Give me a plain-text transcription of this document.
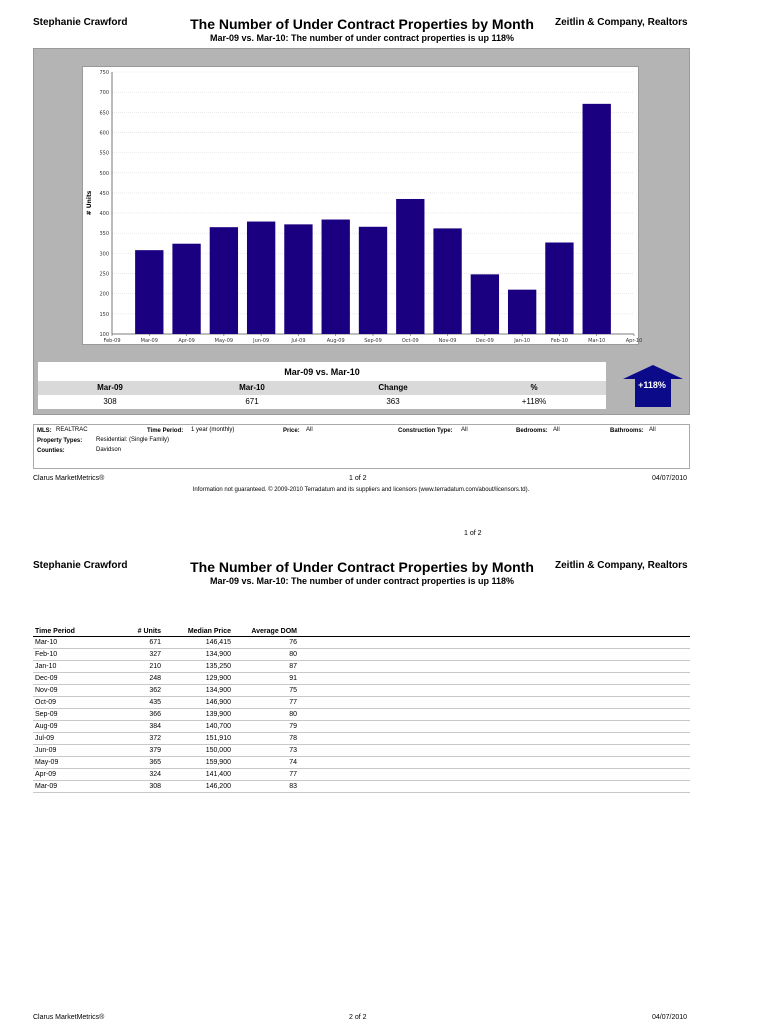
Stephanie Crawford	The Number of Under Contract Properties by Month
Mar-09 vs. Mar-10: The number of under contract properties is up 118%
Zeitlin & Company, Realtors
100
150
200
250
300
350
400
450
500
550
600
650
700
750
# Units
Feb-09	Mar-09	Apr-09	May-09	Jun-09	Jul-09	Aug-09	Sep-09	Oct-09	Nov-09	Dec-09	Jan-10	Feb-10	Mar-10	Apr-10
Mar-09 vs. Mar-10
Mar-09	Mar-10	Change	%
308	671	363	+118%
+118%
MLS: REALTRAC	Time Period: 1 year (monthly)	Price: All	Construction Type: All	Bedrooms: All	Bathrooms: All
Property Types: Residential: (Single Family)
Counties:	Davidson
Clarus MarketMetrics®	1 of 2	04/07/2010
Information not guaranteed. © 2009-2010 Terradatum and its suppliers and licensors (www.terradatum.com/about/licensors.td).
1 of 2
Stephanie Crawford	The Number of Under Contract Properties by Month
Mar-09 vs. Mar-10: The number of under contract properties is up 118%
Zeitlin & Company, Realtors
Time Period	# Units	Median Price	Average DOM	
Mar-10	671	146,415	76	
Feb-10	327	134,900	80	
Jan-10	210	135,250	87	
Dec-09	248	129,900	91	
Nov-09	362	134,900	75	
Oct-09	435	146,900	77	
Sep-09	366	139,900	80	
Aug-09	384	140,700	79	
Jul-09	372	151,910	78	
Jun-09	379	150,000	73	
May-09	365	159,900	74	
Apr-09	324	141,400	77	
Mar-09	308	146,200	83	
Clarus MarketMetrics®	2 of 2	04/07/2010
